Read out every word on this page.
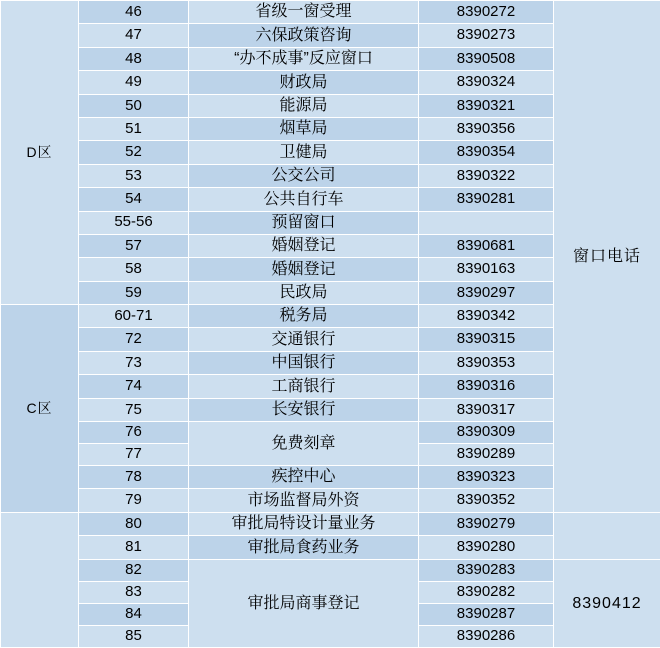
D区	46	省级一窗受理	8390272	窗口电话
	47	六保政策咨询	8390273	
	48	“办不成事”反应窗口	8390508	
	49	财政局	8390324	
	50	能源局	8390321	
	51	烟草局	8390356	
	52	卫健局	8390354	
	53	公交公司	8390322	
	54	公共自行车	8390281	
	55-56	预留窗口		
	57	婚姻登记	8390681	
	58	婚姻登记	8390163	
	59	民政局	8390297	
C区	60-71	税务局	8390342	
	72	交通银行	8390315	
	73	中国银行	8390353	
	74	工商银行	8390316	
	75	长安银行	8390317	
	76	免费刻章	8390309	
	77		8390289	
	78	疾控中心	8390323	
	79	市场监督局外资	8390352	
	80	审批局特设计量业务	8390279	
	81	审批局食药业务	8390280	
	82	审批局商事登记	8390283	8390412
	83		8390282	
	84		8390287	
	85		8390286	
